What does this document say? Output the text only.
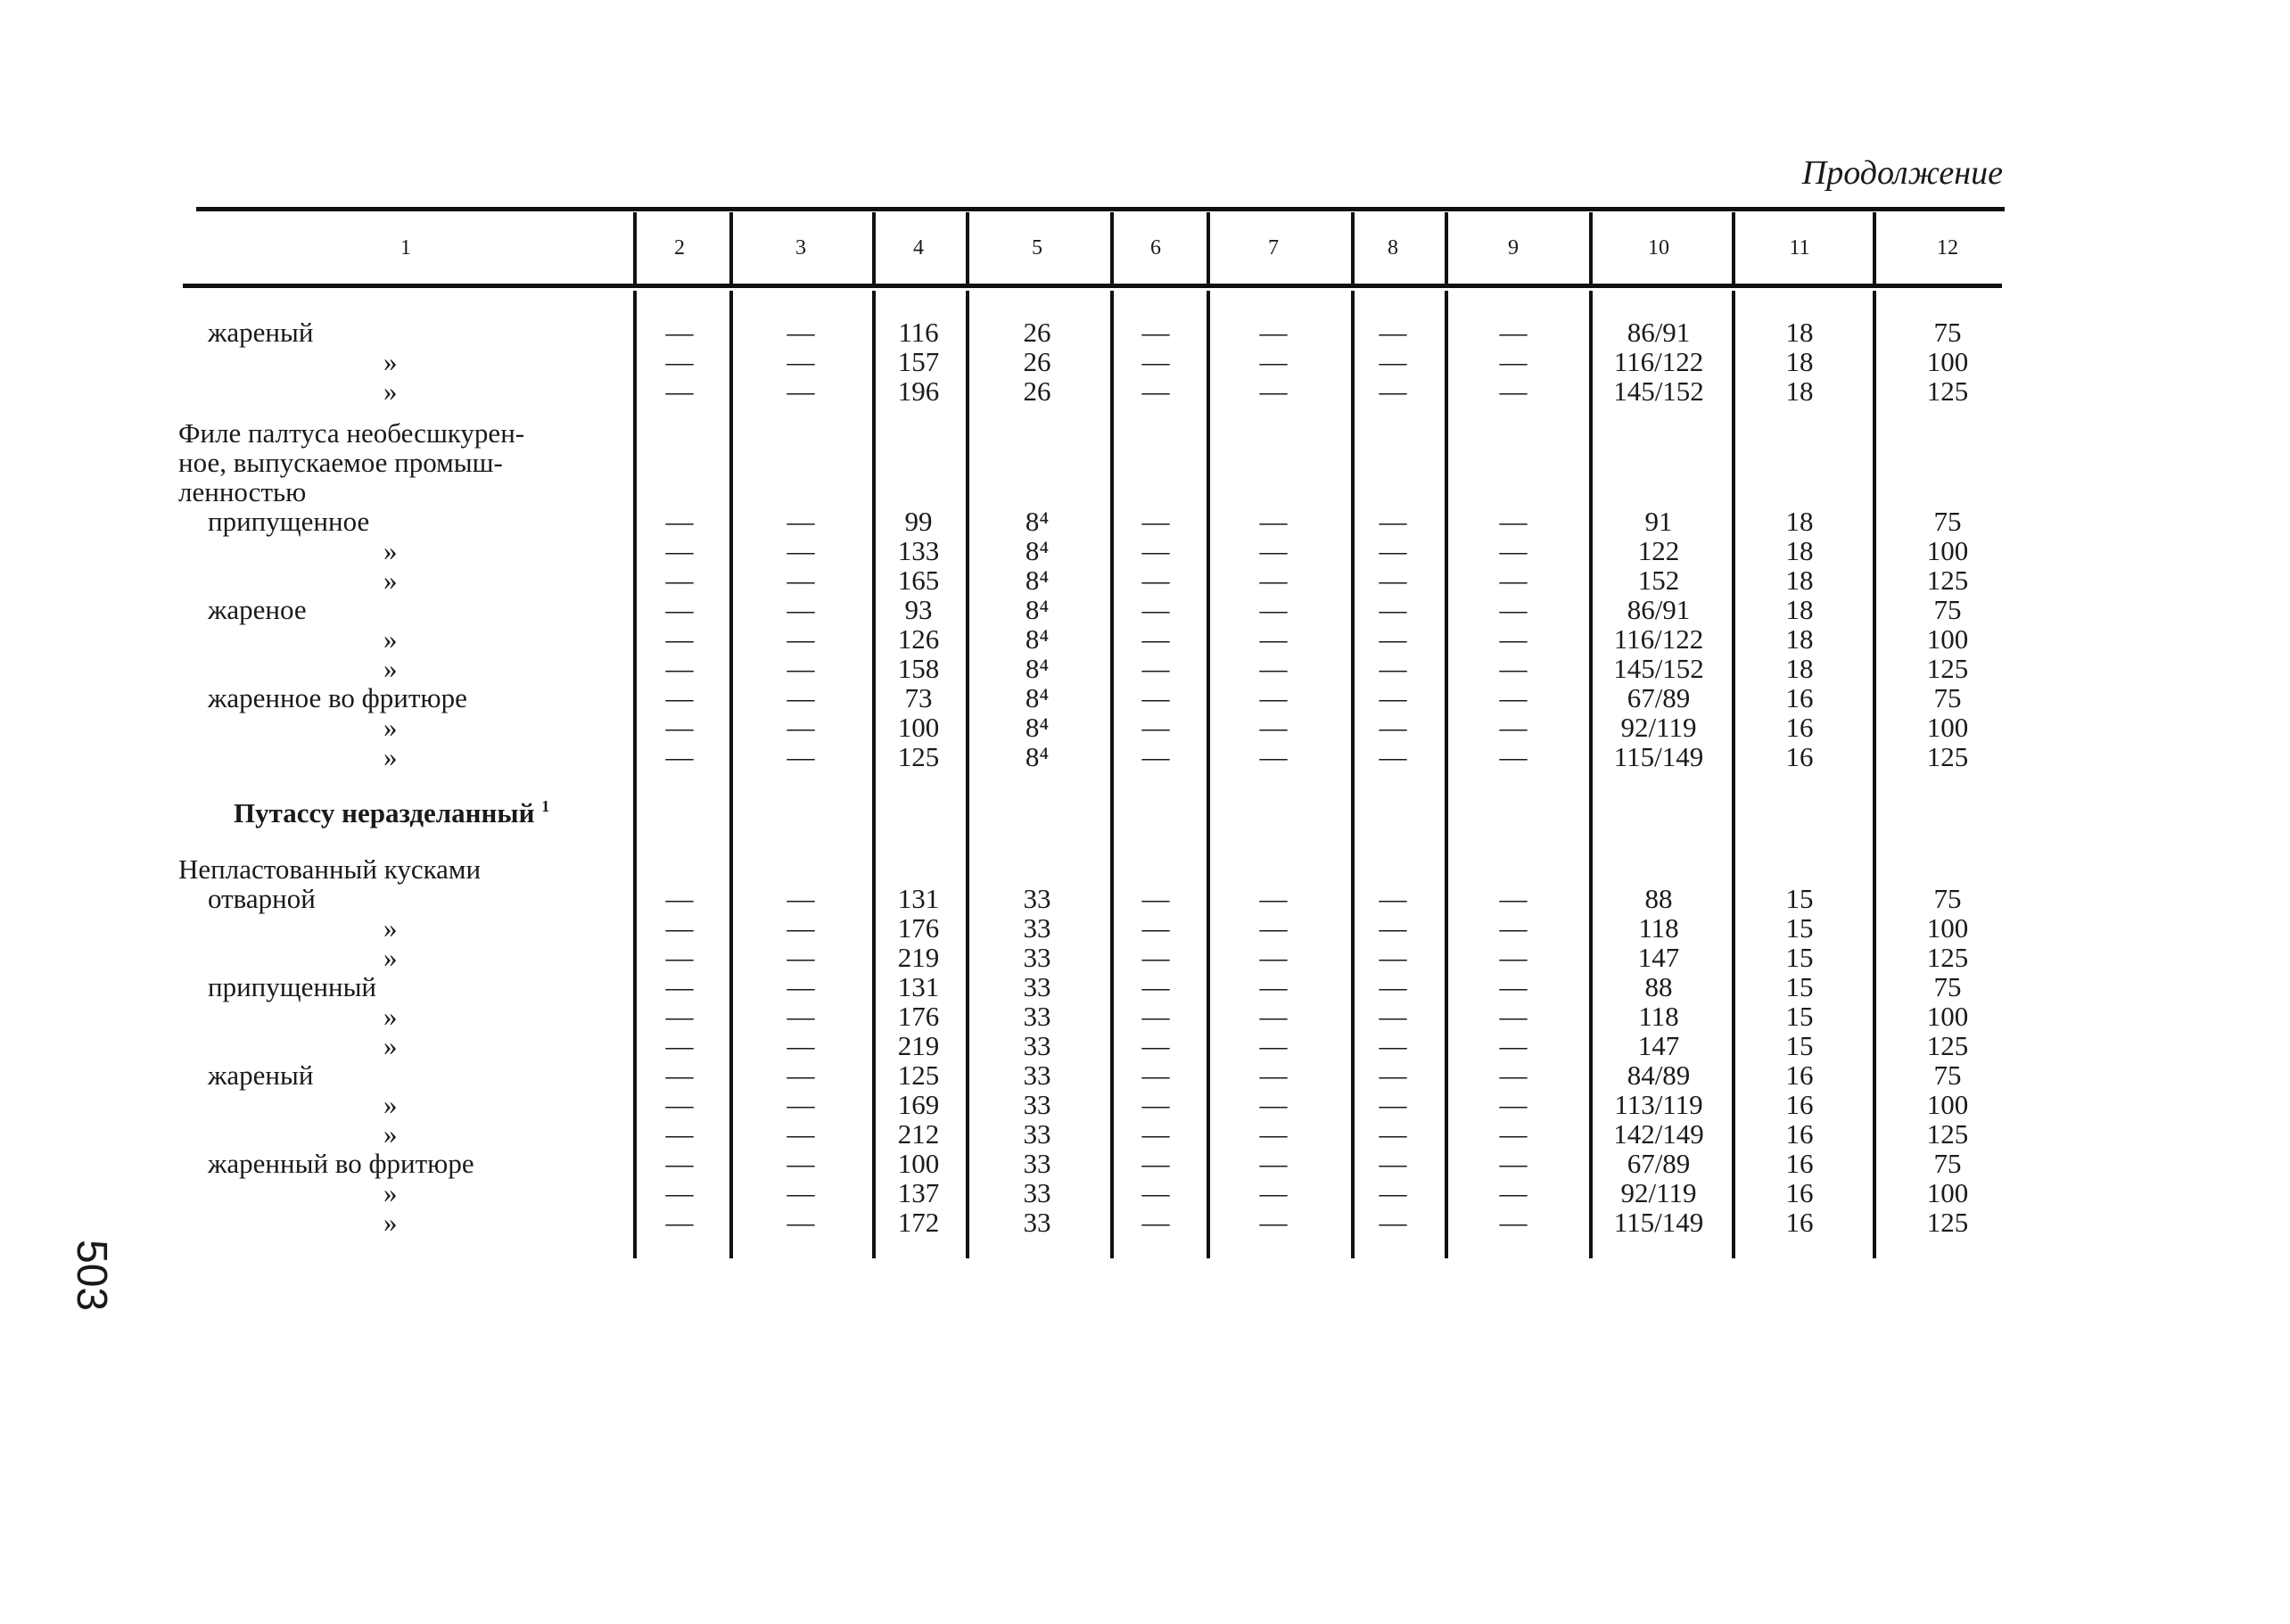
Продолжение
503
1	2	3	4	5	6	7	8	9	10	11	12
жареный	—	—	116	26	—	—	—	—	86/91	18	75
»	—	—	157	26	—	—	—	—	116/122	18	100
»	—	—	196	26	—	—	—	—	145/152	18	125
Филе палтуса необесшкурен-
ное, выпускаемое промыш-
ленностью
припущенное	—	—	99	8⁴	—	—	—	—	91	18	75
»	—	—	133	8⁴	—	—	—	—	122	18	100
»	—	—	165	8⁴	—	—	—	—	152	18	125
жареное	—	—	93	8⁴	—	—	—	—	86/91	18	75
»	—	—	126	8⁴	—	—	—	—	116/122	18	100
»	—	—	158	8⁴	—	—	—	—	145/152	18	125
жаренное во фритюре	—	—	73	8⁴	—	—	—	—	67/89	16	75
»	—	—	100	8⁴	—	—	—	—	92/119	16	100
»	—	—	125	8⁴	—	—	—	—	115/149	16	125
Путассу неразделанный $^1$
Непластованный кусками
отварной	—	—	131	33	—	—	—	—	88	15	75
»	—	—	176	33	—	—	—	—	118	15	100
»	—	—	219	33	—	—	—	—	147	15	125
припущенный	—	—	131	33	—	—	—	—	88	15	75
»	—	—	176	33	—	—	—	—	118	15	100
»	—	—	219	33	—	—	—	—	147	15	125
жареный	—	—	125	33	—	—	—	—	84/89	16	75
»	—	—	169	33	—	—	—	—	113/119	16	100
»	—	—	212	33	—	—	—	—	142/149	16	125
жаренный во фритюре	—	—	100	33	—	—	—	—	67/89	16	75
»	—	—	137	33	—	—	—	—	92/119	16	100
»	—	—	172	33	—	—	—	—	115/149	16	125
